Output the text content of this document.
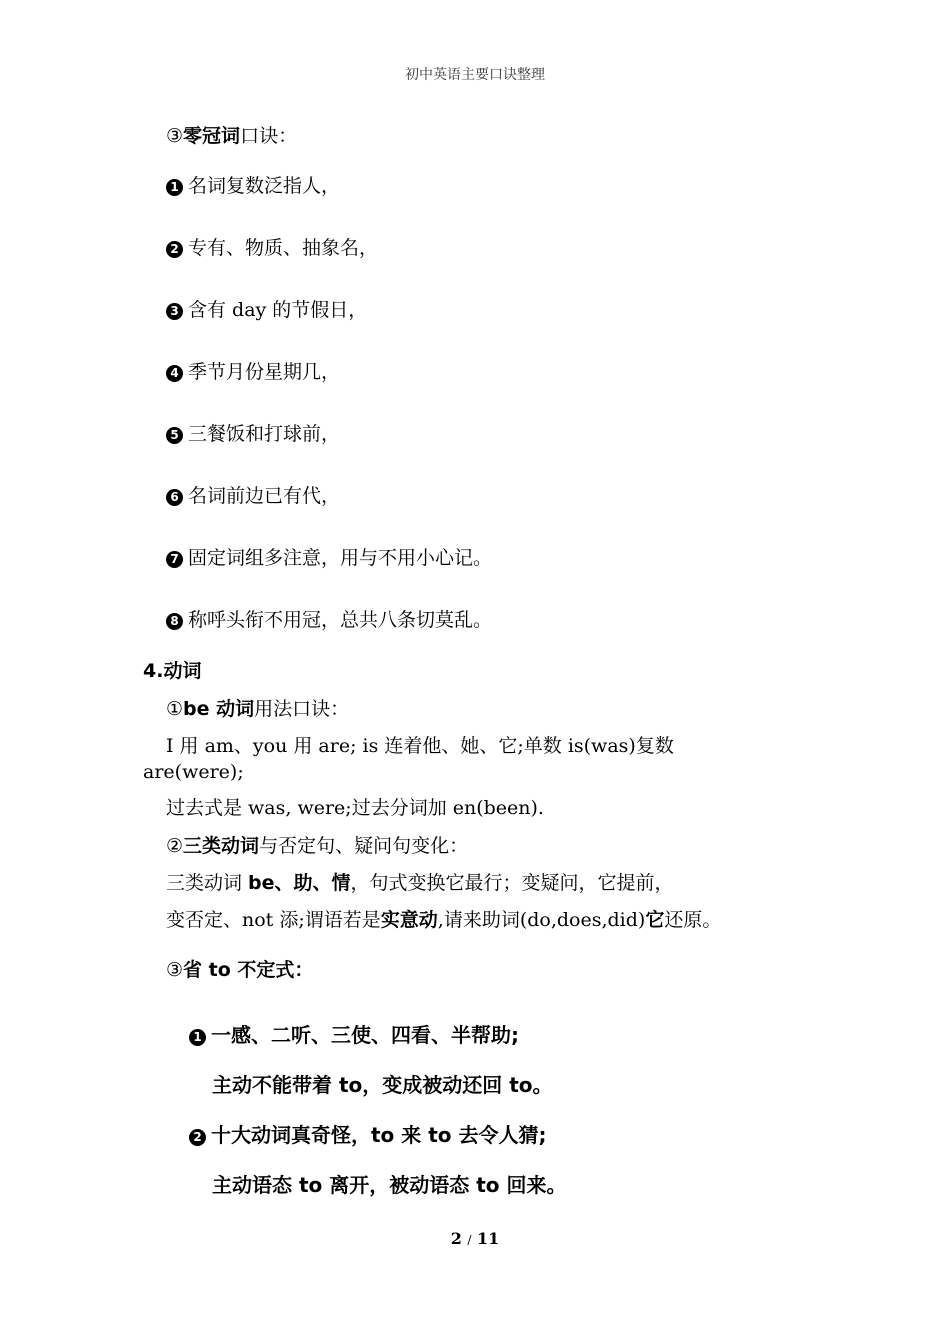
初中英语主要口诀整理
③零冠词口诀：
1 名词复数泛指人，
2 专有、物质、抽象名，
3 含有 day 的节假日，
4 季节月份星期几，
5 三餐饭和打球前，
6 名词前边已有代，
7 固定词组多注意，用与不用小心记。
8 称呼头衔不用冠，总共八条切莫乱。
4.动词
①be 动词用法口诀：
I 用 am、you 用 are; is 连着他、她、它;单数 is(was)复数
are(were);
过去式是 was, were;过去分词加 en(been).
②三类动词与否定句、疑问句变化：
三类动词 be、助、情，句式变换它最行；变疑问，它提前，
变否定、not 添;谓语若是实意动,请来助词(do,does,did)它还原。
③省 to 不定式：
1 一感、二听、三使、四看、半帮助;
主动不能带着 to，变成被动还回 to。
2 十大动词真奇怪，to 来 to 去令人猜;
主动语态 to 离开，被动语态 to 回来。
2 / 11
